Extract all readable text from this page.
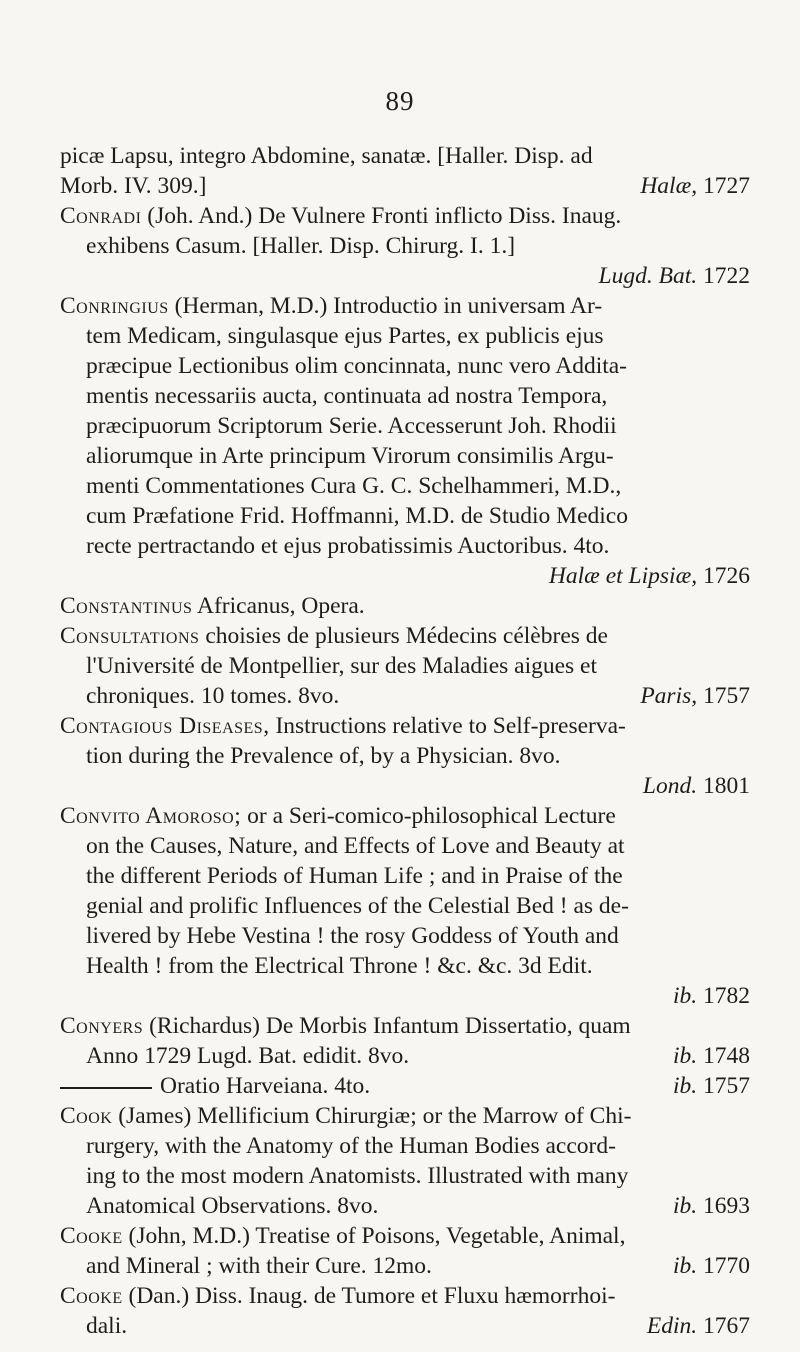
89
picæ Lapsu, integro Abdomine, sanatæ. [Haller. Disp. ad
Morb. IV. 309.]	Halæ, 1727
Conradi (Joh. And.) De Vulnere Fronti inflicto Diss. Inaug.
exhibens Casum. [Haller. Disp. Chirurg. I. 1.]
Lugd. Bat. 1722
Conringius (Herman, M.D.) Introductio in universam Ar-
tem Medicam, singulasque ejus Partes, ex publicis ejus
præcipue Lectionibus olim concinnata, nunc vero Addita-
mentis necessariis aucta, continuata ad nostra Tempora,
præcipuorum Scriptorum Serie. Accesserunt Joh. Rhodii
aliorumque in Arte principum Virorum consimilis Argu-
menti Commentationes Cura G. C. Schelhammeri, M.D.,
cum Præfatione Frid. Hoffmanni, M.D. de Studio Medico
recte pertractando et ejus probatissimis Auctoribus. 4to.
Halæ et Lipsiæ, 1726
Constantinus Africanus, Opera.
Consultations choisies de plusieurs Médecins célèbres de
l'Université de Montpellier, sur des Maladies aigues et
chroniques. 10 tomes. 8vo.	Paris, 1757
Contagious Diseases, Instructions relative to Self-preserva-
tion during the Prevalence of, by a Physician. 8vo.
Lond. 1801
Convito Amoroso; or a Seri-comico-philosophical Lecture
on the Causes, Nature, and Effects of Love and Beauty at
the different Periods of Human Life ; and in Praise of the
genial and prolific Influences of the Celestial Bed ! as de-
livered by Hebe Vestina ! the rosy Goddess of Youth and
Health ! from the Electrical Throne ! &c. &c. 3d Edit.
ib. 1782
Conyers (Richardus) De Morbis Infantum Dissertatio, quam
Anno 1729 Lugd. Bat. edidit. 8vo.	ib. 1748
Oratio Harveiana. 4to.	ib. 1757
Cook (James) Mellificium Chirurgiæ; or the Marrow of Chi-
rurgery, with the Anatomy of the Human Bodies accord-
ing to the most modern Anatomists. Illustrated with many
Anatomical Observations. 8vo.	ib. 1693
Cooke (John, M.D.) Treatise of Poisons, Vegetable, Animal,
and Mineral ; with their Cure. 12mo.	ib. 1770
Cooke (Dan.) Diss. Inaug. de Tumore et Fluxu hæmorrhoi-
dali.	Edin. 1767
